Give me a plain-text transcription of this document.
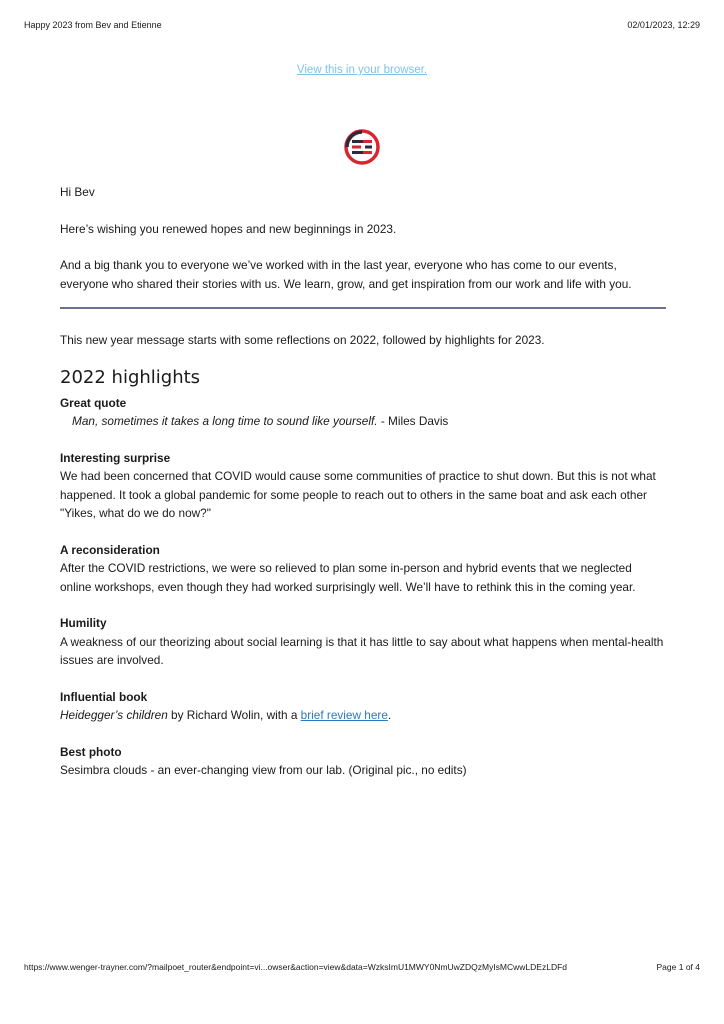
Happy 2023 from Bev and Etienne	02/01/2023, 12:29
View this in your browser.

Hi Bev

Here’s wishing you renewed hopes and new beginnings in 2023.

And a big thank you to everyone we’ve worked with in the last year, everyone who has come to our events, everyone who shared their stories with us. We learn, grow, and get inspiration from our work and life with you.

This new year message starts with some reflections on 2022, followed by highlights for 2023.

2022 highlights
Great quote

Man, sometimes it takes a long time to sound like yourself. - Miles Davis

Interesting surprise

We had been concerned that COVID would cause some communities of practice to shut down. But this is not what happened. It took a global pandemic for some people to reach out to others in the same boat and ask each other "Yikes, what do we do now?"

A reconsideration

After the COVID restrictions, we were so relieved to plan some in-person and hybrid events that we neglected online workshops, even though they had worked surprisingly well. We’ll have to rethink this in the coming year.

Humility

A weakness of our theorizing about social learning is that it has little to say about what happens when mental-health issues are involved.

Influential book

Heidegger’s children by Richard Wolin, with a brief review here.

Best photo

Sesimbra clouds - an ever-changing view from our lab. (Original pic., no edits)

https://www.wenger-trayner.com/?mailpoet_router&endpoint=vi...owser&action=view&data=WzksImU1MWY0NmUwZDQzMyIsMCwwLDEzLDFd	Page 1 of 4
